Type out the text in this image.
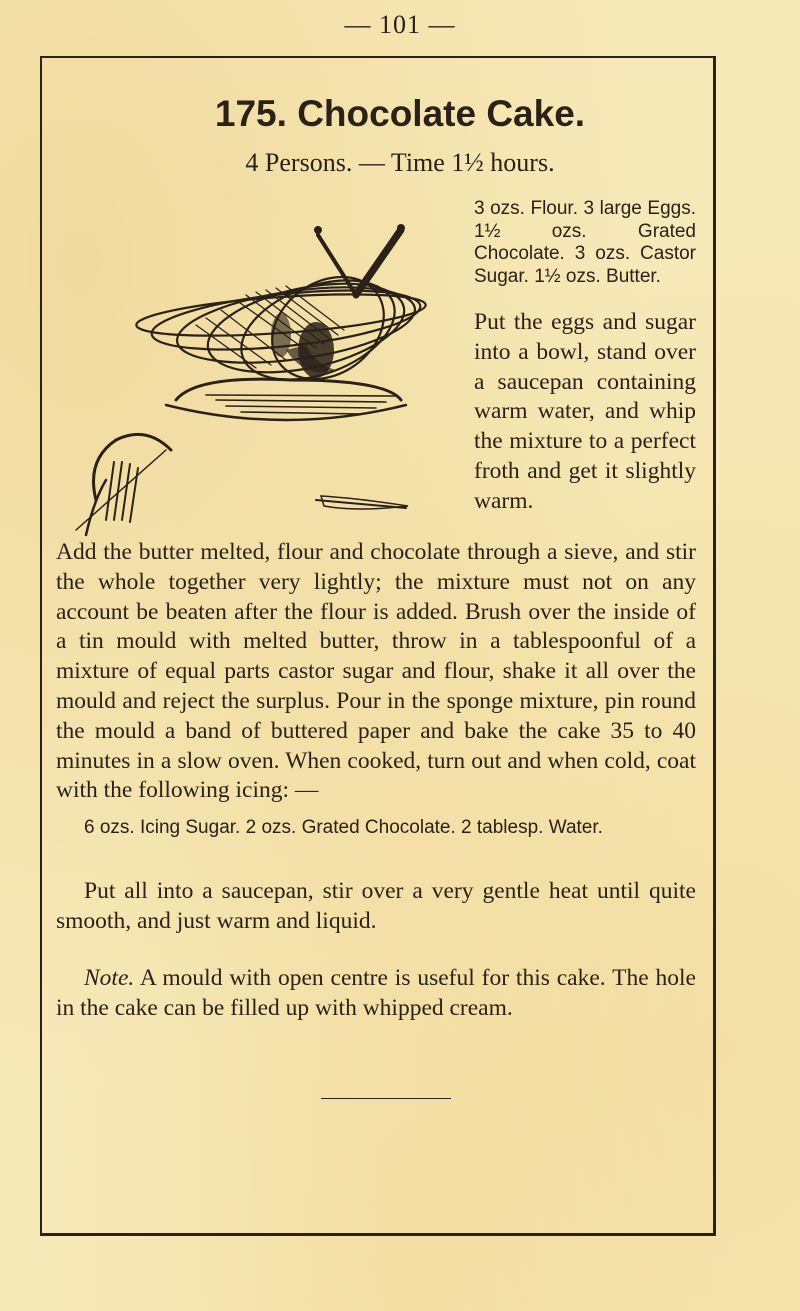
— 101 —
175. Chocolate Cake.
4 Persons. — Time 1½ hours.
3 ozs. Flour. 3 large Eggs. 1½ ozs. Grated Chocolate. 3 ozs. Castor Sugar. 1½ ozs. Butter.

Put the eggs and sugar into a bowl, stand over a saucepan containing warm water, and whip the mixture to a perfect froth and get it slightly warm.

Add the butter melted, flour and chocolate through a sieve, and stir the whole together very lightly; the mixture must not on any account be beaten after the flour is added. Brush over the inside of a tin mould with melted butter, throw in a tablespoonful of a mixture of equal parts castor sugar and flour, shake it all over the mould and reject the surplus. Pour in the sponge mixture, pin round the mould a band of buttered paper and bake the cake 35 to 40 minutes in a slow oven. When cooked, turn out and when cold, coat with the following icing: —

6 ozs. Icing Sugar. 2 ozs. Grated Chocolate. 2 tablesp. Water.

Put all into a saucepan, stir over a very gentle heat until quite smooth, and just warm and liquid.

Note. A mould with open centre is useful for this cake. The hole in the cake can be filled up with whipped cream.
